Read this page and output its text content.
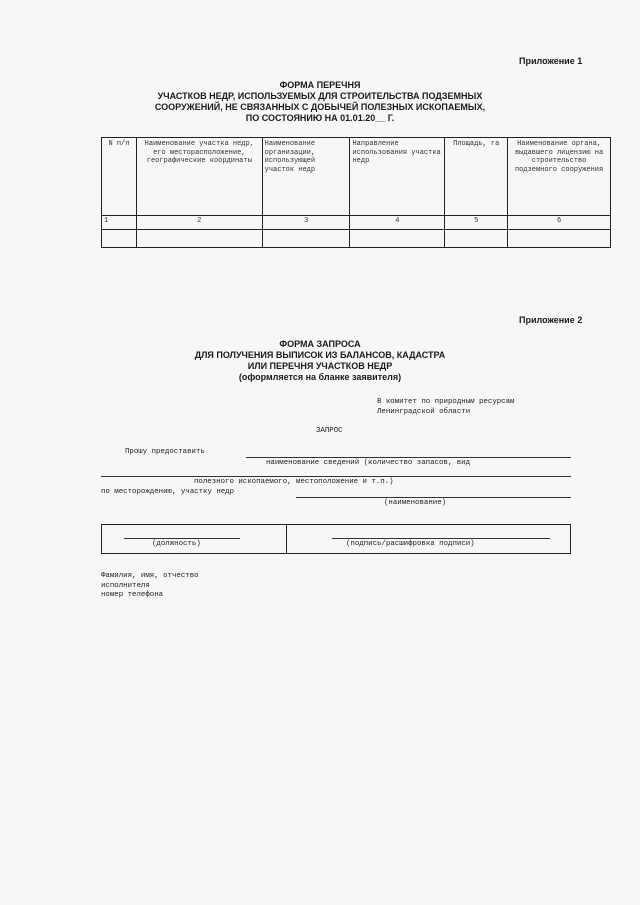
Приложение 1
ФОРМА ПЕРЕЧНЯ
УЧАСТКОВ НЕДР, ИСПОЛЬЗУЕМЫХ ДЛЯ СТРОИТЕЛЬСТВА ПОДЗЕМНЫХ
СООРУЖЕНИЙ, НЕ СВЯЗАННЫХ С ДОБЫЧЕЙ ПОЛЕЗНЫХ ИСКОПАЕМЫХ,
ПО СОСТОЯНИЮ НА 01.01.20__ Г.
N п/п	Наименование участка недр, его месторасположение, географические координаты	Наименование организации, использующей участок недр	Направление использования участка недр	Площадь, га	Наименование органа, выдавшего лицензию на строительство подземного сооружения
1	2	3	4	5	6

Приложение 2
ФОРМА ЗАПРОСА
ДЛЯ ПОЛУЧЕНИЯ ВЫПИСОК ИЗ БАЛАНСОВ, КАДАСТРА
ИЛИ ПЕРЕЧНЯ УЧАСТКОВ НЕДР
(оформляется на бланке заявителя)
В комитет по природным ресурсам
Ленинградской области
ЗАПРОС
Прошу предоставить
наименование сведений (количество запасов, вид
полезного ископаемого, местоположение и т.п.)
по месторождению, участку недр
(наименование)
(должность)	(подпись/расшифровка подписи)
Фамилия, имя, отчество
исполнителя
номер телефона
